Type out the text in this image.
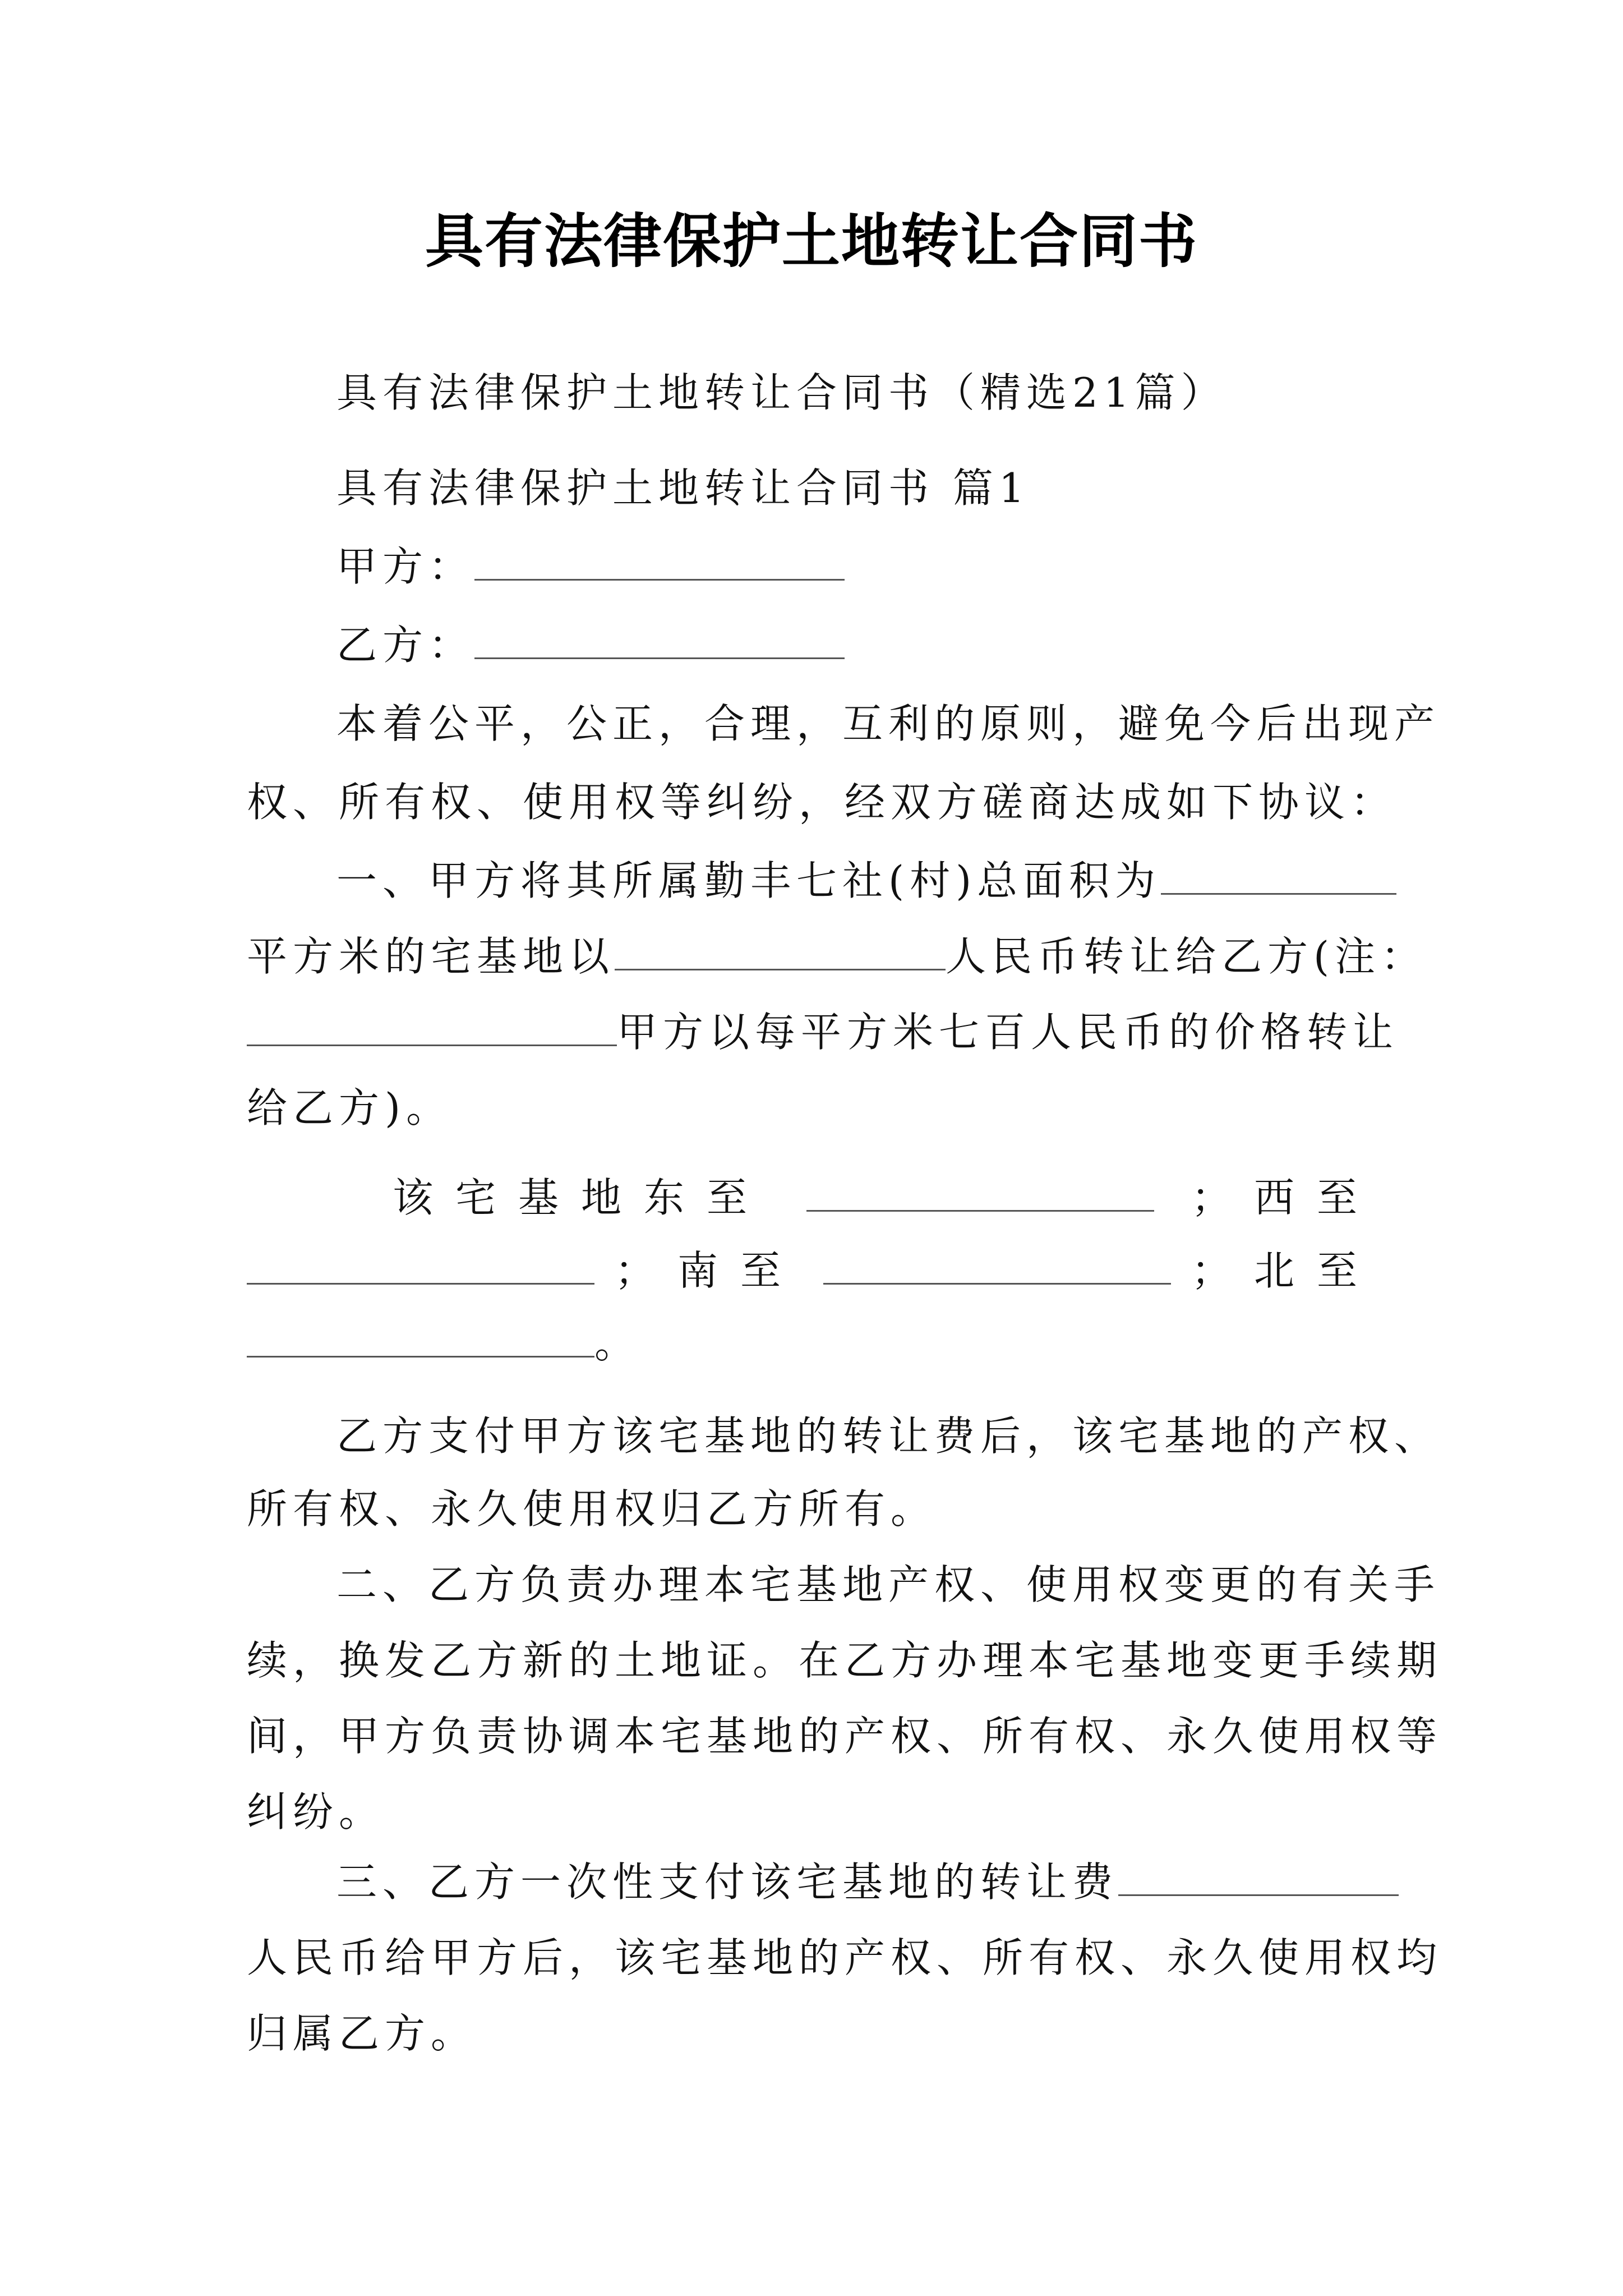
具有法律保护土地转让合同书
具有法律保护土地转让合同书（精选21篇）
具有法律保护土地转让合同书 篇1
甲方：
乙方：
本着公平，公正，合理，互利的原则，避免今后出现产
权、所有权、使用权等纠纷，经双方磋商达成如下协议：
一、甲方将其所属勤丰七社(村)总面积为
平方米的宅基地以	人民币转让给乙方(注：
甲方以每平方米七百人民币的价格转让
给乙方)。
该宅基地东至	；西至
；南至	；北至
。
乙方支付甲方该宅基地的转让费后，该宅基地的产权、
所有权、永久使用权归乙方所有。
二、乙方负责办理本宅基地产权、使用权变更的有关手
续，换发乙方新的土地证。在乙方办理本宅基地变更手续期
间，甲方负责协调本宅基地的产权、所有权、永久使用权等
纠纷。
三、乙方一次性支付该宅基地的转让费
人民币给甲方后，该宅基地的产权、所有权、永久使用权均
归属乙方。
